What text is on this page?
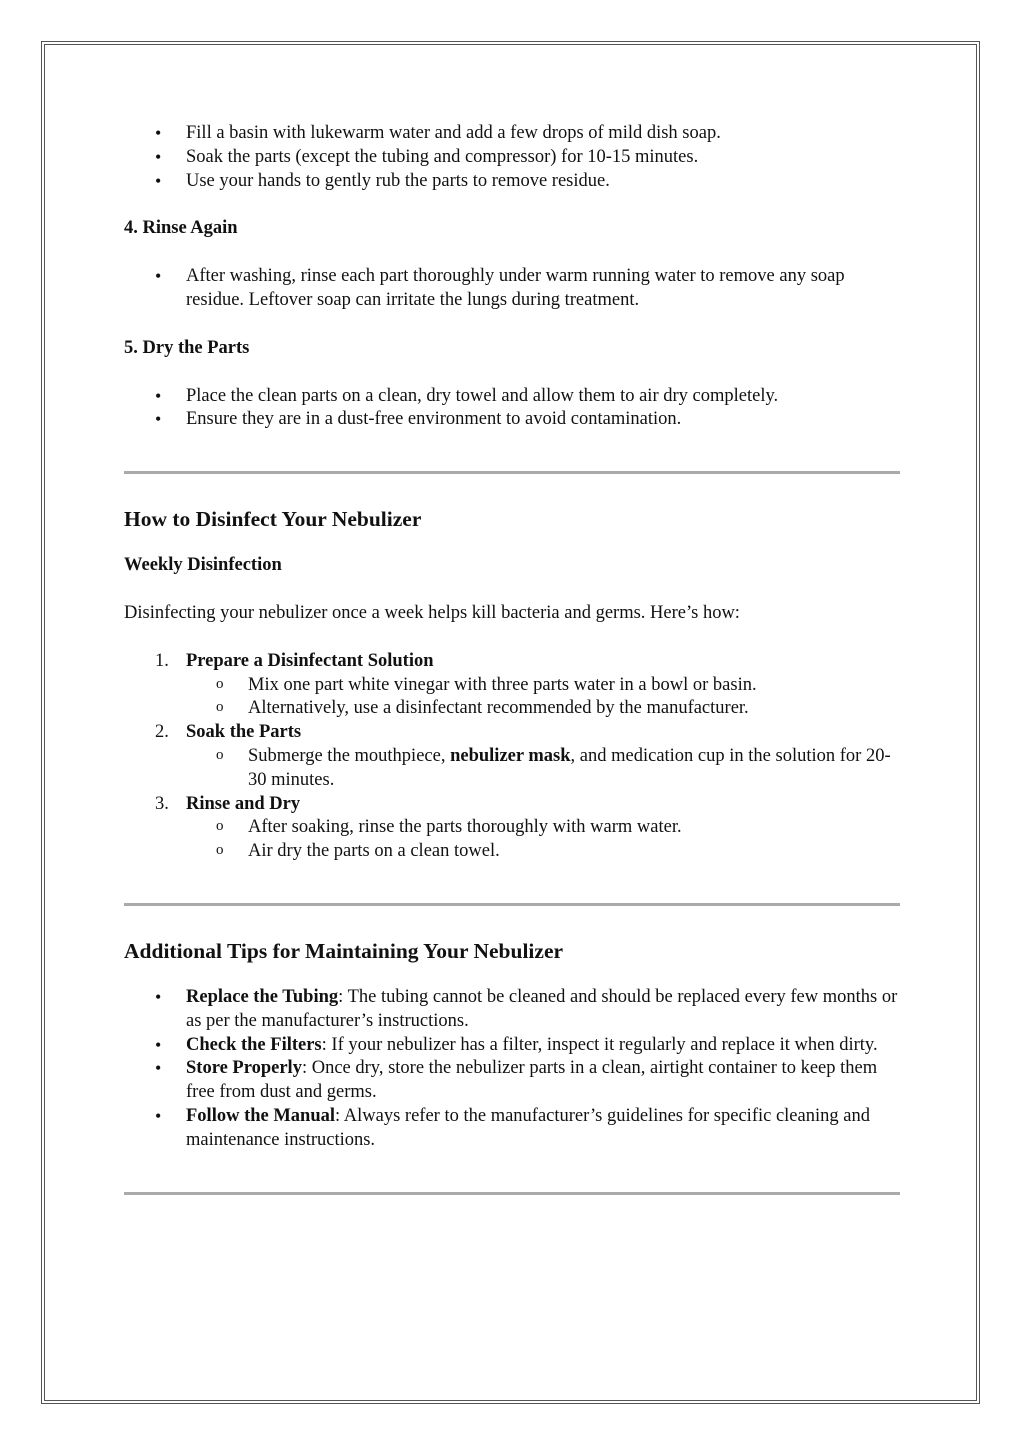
• Fill a basin with lukewarm water and add a few drops of mild dish soap.
• Soak the parts (except the tubing and compressor) for 10-15 minutes.
• Use your hands to gently rub the parts to remove residue.

4. Rinse Again

• After washing, rinse each part thoroughly under warm running water to remove any soap residue. Leftover soap can irritate the lungs during treatment.

5. Dry the Parts

• Place the clean parts on a clean, dry towel and allow them to air dry completely.
• Ensure they are in a dust-free environment to avoid contamination.

How to Disinfect Your Nebulizer

Weekly Disinfection

Disinfecting your nebulizer once a week helps kill bacteria and germs. Here’s how:

1. Prepare a Disinfectant Solution
o Mix one part white vinegar with three parts water in a bowl or basin.
o Alternatively, use a disinfectant recommended by the manufacturer.
2. Soak the Parts
o Submerge the mouthpiece, nebulizer mask, and medication cup in the solution for 20-30 minutes.
3. Rinse and Dry
o After soaking, rinse the parts thoroughly with warm water.
o Air dry the parts on a clean towel.

Additional Tips for Maintaining Your Nebulizer

• Replace the Tubing: The tubing cannot be cleaned and should be replaced every few months or as per the manufacturer’s instructions.
• Check the Filters: If your nebulizer has a filter, inspect it regularly and replace it when dirty.
• Store Properly: Once dry, store the nebulizer parts in a clean, airtight container to keep them free from dust and germs.
• Follow the Manual: Always refer to the manufacturer’s guidelines for specific cleaning and maintenance instructions.
